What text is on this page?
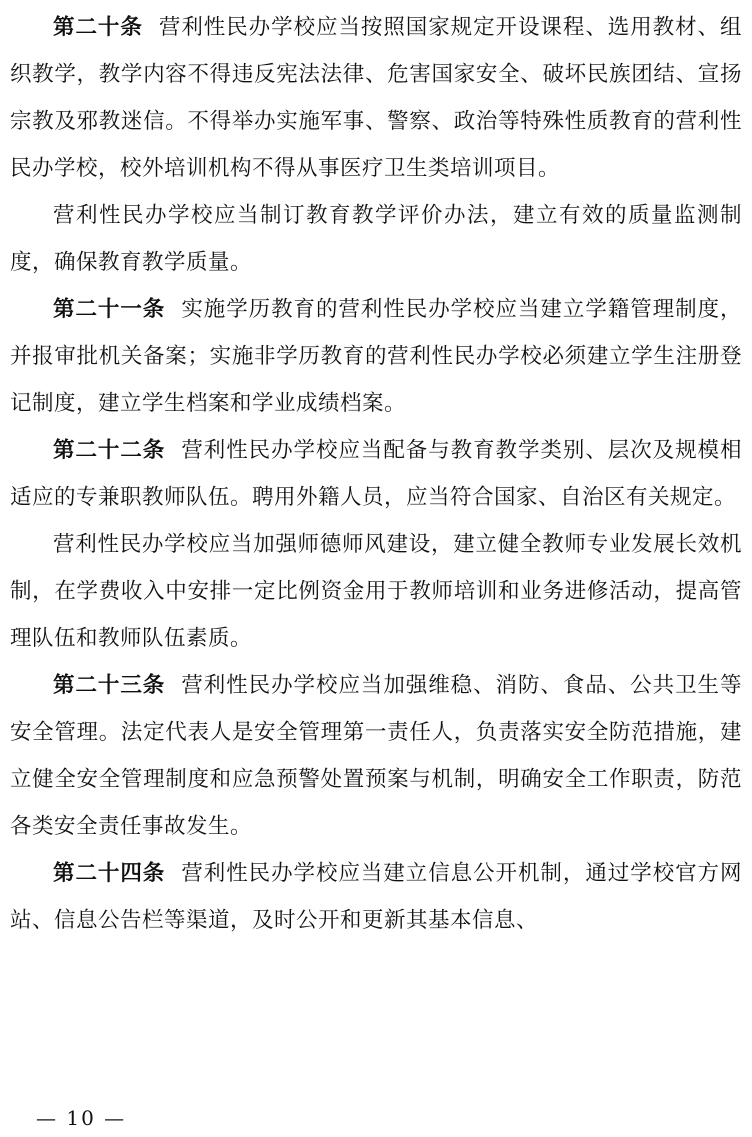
第二十条 营利性民办学校应当按照国家规定开设课程、选用教材、组织教学，教学内容不得违反宪法法律、危害国家安全、破坏民族团结、宣扬宗教及邪教迷信。不得举办实施军事、警察、政治等特殊性质教育的营利性民办学校，校外培训机构不得从事医疗卫生类培训项目。

营利性民办学校应当制订教育教学评价办法，建立有效的质量监测制度，确保教育教学质量。

第二十一条 实施学历教育的营利性民办学校应当建立学籍管理制度，并报审批机关备案；实施非学历教育的营利性民办学校必须建立学生注册登记制度，建立学生档案和学业成绩档案。

第二十二条 营利性民办学校应当配备与教育教学类别、层次及规模相适应的专兼职教师队伍。聘用外籍人员，应当符合国家、自治区有关规定。

营利性民办学校应当加强师德师风建设，建立健全教师专业发展长效机制，在学费收入中安排一定比例资金用于教师培训和业务进修活动，提高管理队伍和教师队伍素质。

第二十三条 营利性民办学校应当加强维稳、消防、食品、公共卫生等安全管理。法定代表人是安全管理第一责任人，负责落实安全防范措施，建立健全安全管理制度和应急预警处置预案与机制，明确安全工作职责，防范各类安全责任事故发生。

第二十四条 营利性民办学校应当建立信息公开机制，通过学校官方网站、信息公告栏等渠道，及时公开和更新其基本信息、

— 10 —
